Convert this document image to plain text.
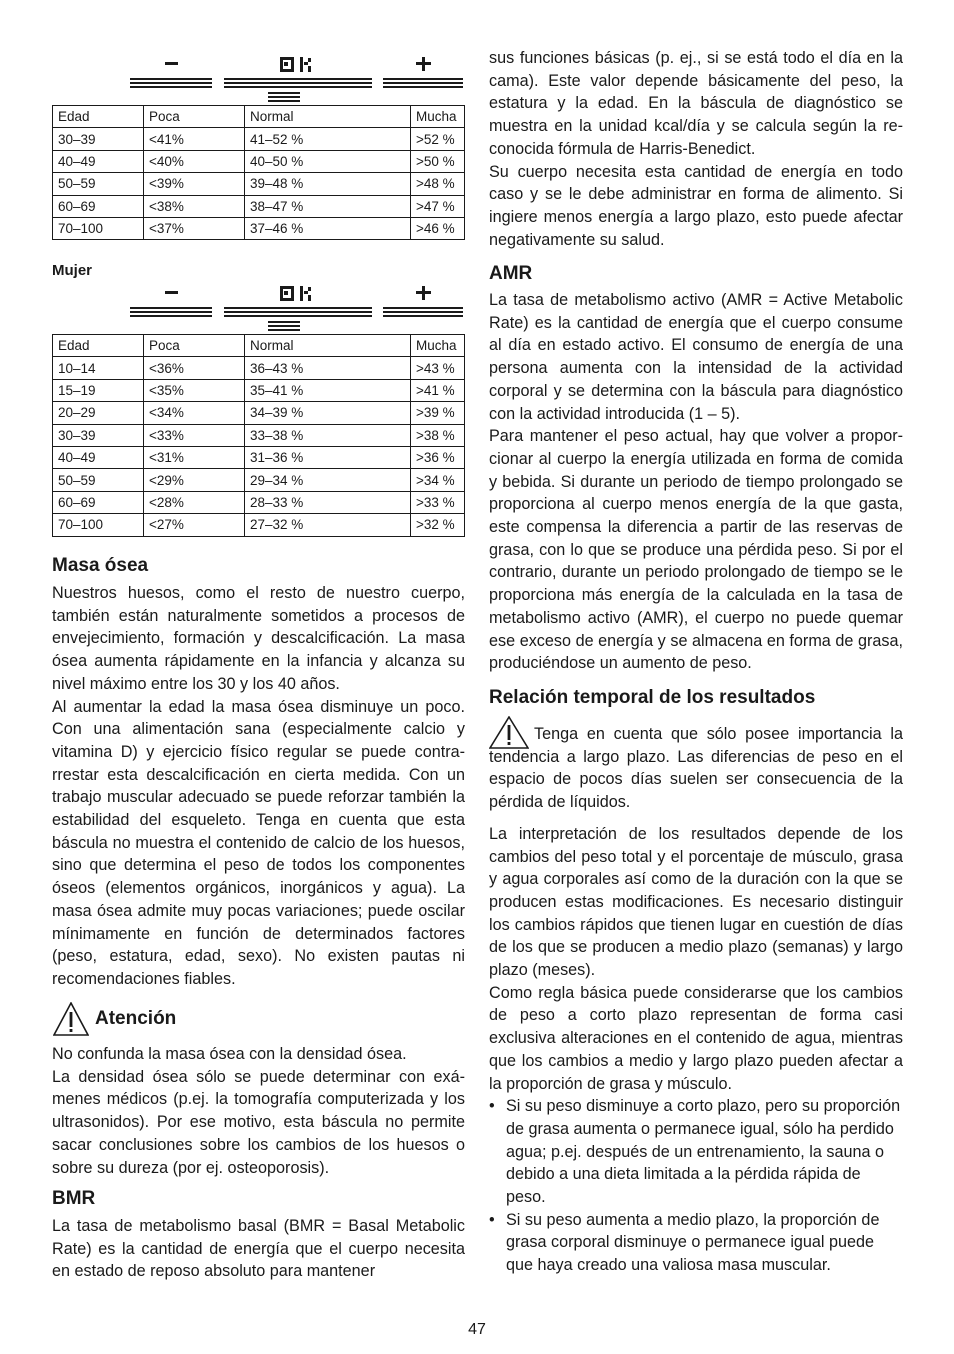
Edad	Poca	Normal	Mucha
30–39	<41%	41–52 %	>52 %
40–49	<40%	40–50 %	>50 %
50–59	<39%	39–48 %	>48 %
60–69	<38%	38–47 %	>47 %
70–100	<37%	37–46 %	>46 %
Mujer
Edad	Poca	Normal	Mucha
10–14	<36%	36–43 %	>43 %
15–19	<35%	35–41 %	>41 %
20–29	<34%	34–39 %	>39 %
30–39	<33%	33–38 %	>38 %
40–49	<31%	31–36 %	>36 %
50–59	<29%	29–34 %	>34 %
60–69	<28%	28–33 %	>33 %
70–100	<27%	27–32 %	>32 %
Masa ósea

Nuestros huesos, como el resto de nuestro cuerpo, también están naturalmente sometidos a procesos de envejecimiento, formación y descalcificación. La masa ósea aumenta rápidamente en la infancia y alcanza su nivel máximo entre los 30 y los 40 años.

Al aumentar la edad la masa ósea disminuye un poco. Con una alimentación sana (especialmente calcio y vitamina D) y ejercicio físico regular se puede contrarrestar esta descalcificación en cierta medida. Con un trabajo muscular adecuado se puede reforzar también la estabilidad del esqueleto. Tenga en cuenta que esta báscula no muestra el contenido de calcio de los huesos, sino que determina el peso de todos los componentes óseos (elementos orgánicos, inorgánicos y agua). La masa ósea admite muy pocas variaciones; puede oscilar mínimamente en función de determinados factores (peso, estatura, edad, sexo). No existen pautas ni recomendaciones fiables.

Atención

No confunda la masa ósea con la densidad ósea.

La densidad ósea sólo se puede determinar con exámenes médicos (p.ej. la tomografía computerizada y los ultrasonidos). Por ese motivo, esta báscula no permite sacar conclusiones sobre los cambios de los huesos o sobre su dureza (por ej. osteoporosis).

BMR

La tasa de metabolismo basal (BMR = Basal Metabolic Rate) es la cantidad de energía que el cuerpo necesita en estado de reposo absoluto para mantener

sus funciones básicas (p. ej., si se está todo el día en la cama). Este valor depende básicamente del peso, la estatura y la edad. En la báscula de diagnóstico se muestra en la unidad kcal/día y se calcula según la reconocida fórmula de Harris-Benedict.

Su cuerpo necesita esta cantidad de energía en todo caso y se le debe administrar en forma de alimento. Si ingiere menos energía a largo plazo, esto puede afectar negativamente su salud.

AMR

La tasa de metabolismo activo (AMR = Active Metabolic Rate) es la cantidad de energía que el cuerpo consume al día en estado activo. El consumo de energía de una persona aumenta con la intensidad de la actividad corporal y se determina con la báscula para diagnóstico con la actividad introducida (1 – 5).

Para mantener el peso actual, hay que volver a proporcionar al cuerpo la energía utilizada en forma de comida y bebida. Si durante un periodo de tiempo prolongado se proporciona al cuerpo menos energía de la que gasta, este compensa la diferencia a partir de las reservas de grasa, con lo que se produce una pérdida peso. Si por el contrario, durante un periodo prolongado de tiempo se le proporciona más energía de la calculada en la tasa de metabolismo activo (AMR), el cuerpo no puede quemar ese exceso de energía y se almacena en forma de grasa, produciéndose un aumento de peso.

Relación temporal de los resultados

Tenga en cuenta que sólo posee importancia la tendencia a largo plazo. Las diferencias de peso en el espacio de pocos días suelen ser consecuencia de la pérdida de líquidos.

La interpretación de los resultados depende de los cambios del peso total y el porcentaje de músculo, grasa y agua corporales así como de la duración con la que se producen estas modificaciones. Es necesario distinguir los cambios rápidos que tienen lugar en cuestión de días de los que se producen a medio plazo (semanas) y largo plazo (meses).

Como regla básica puede considerarse que los cambios de peso a corto plazo representan de forma casi exclusiva alteraciones en el contenido de agua, mientras que los cambios a medio y largo plazo pueden afectar a la proporción de grasa y músculo.

• Si su peso disminuye a corto plazo, pero su proporción de grasa aumenta o permanece igual, sólo ha perdido agua; p.ej. después de un entrenamiento, la sauna o debido a una dieta limitada a la pérdida rápida de peso.
• Si su peso aumenta a medio plazo, la proporción de grasa corporal disminuye o permanece igual puede que haya creado una valiosa masa muscular.
47
